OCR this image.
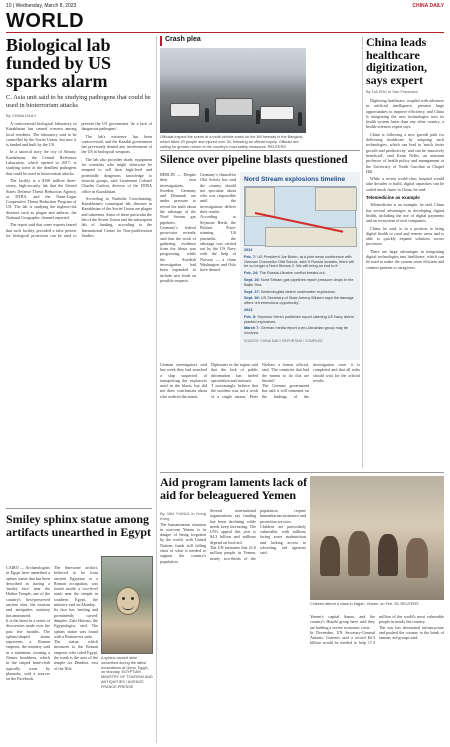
10 | Wednesday, March 8, 2023	CHINA DAILY
WORLD
Biological lab funded by US sparks alarm
C. Asia unit said to be studying pathogens that could be used in bioterrorism attacks
By CHINA DAILY

A controversial biological laboratory in Kazakhstan has caused concern among local residents. The laboratory said to be controlled by the Soviet Union, but now it is funded and built by the US.

In a satirical story the city of Almaty, Kazakhstan, the Central Reference Laboratory, which opened in 2017, is studying some of the deadliest pathogens that could be used in bioterrorism attacks.

The facility is a $108 million three-storey, high-security lab that the United States Defense Threat Reduction Agency, or DTRA, and the Nunn-Lugar Cooperative Threat Reduction Program of US. The lab is studying the highest-risk diseases such as plague and anthrax, the National Geographic channel reported.

The report said that some experts feared that such facility, provided a false pretext for biological protection can be used to prevent the US government 'do a lack of dangerous pathogens'.

The lab's existence has been controversial, and the Kazakh government has previously denied any involvement of the US in biological weapons.

The lab also provides shady equipment for scientists who might otherwise be tempted to sell their high-level and potentially dangerous knowledge to terrorist groups, said Lieutenant Colonel Charles Carlton, director of the DTRA office in Kazakhstan.

According to Nurbolat Coordinating, Kazakhstan's counterpart lab, diseases in Kazakhstan of the Soviet Union are plague and tularemia. Some of these particular the lab of the Soviet Union and the subsequent lab of funding, according to the International Center for Non-proliferation Studies.

Smiley sphinx statue among artifacts unearthed in Egypt

CAIRO — Archaeologists in Egypt have unearthed a sphinx statue that has been described as having a 'smiley face' near the Hathor Temple, one of the country's best-preserved ancient sites, the tourism and antiquities ministry has announced.

It is the latest in a series of discoveries made over the past few months. The sphinx-shaped statue represents a Roman emperor, the ministry said in a statement, wearing a Nemes headdress, which in the striped head-cloth typically worn by pharaohs, said a sources on the Facebook.

The limestone artifact, believed to be from ancient Egyptian or a Roman occupation, was found inside a two-level tomb near the temple in southern Egypt, the ministry said on Monday.

Its face has 'smiling and prominently carved' dimples, Zahi Hawass, the Egyptologist, said. The sphinx statue was found with a Roman-era stela.

The statue, which measures to the Roman emperor who ruled Egypt, the tomb is the area of the temple for Dendera, east of the Nile.

A sphinx-carved stele unearthed during the latest excavations at Qena, Egypt, on Monday. EGYPTIAN MINISTRY OF TOURISM AND ANTIQUITIES / AGENCE FRANCE-PRESSE
Crash plea
Officials inspect the scene of a multi-vehicle crash on the M4 freeway in the Bangkok, which killed 20 people and injured over 30, following an official inquiry. Officials are calling for greater reform of the country's road safety measures. REUTERS
Silence over pipeline blasts questioned

BERLIN — Despite their own investigations, Sweden, Germany and Denmark are under pressure to reveal the truth about the sabotage of the Nord Stream gas pipelines.

Germany's federal prosecutor recently said that the work of gathering evidence from the blasts was progressing, while the Swedish investigation had been expanded to include new leads on possible suspects.

Germany's chancellor Olaf Scholz has said the country should not speculate about who was responsible until the investigations deliver their results.

According to Seymour Hersh, the Pulitzer Prize-winning US journalist, the sabotage was carried out by the US Navy with the help of Norway — a claim Washington and Oslo have denied.

Nord Stream explosions timeline
2022
Feb. 7: US President Joe Biden, at a joint news conference with German Chancellor Olaf Scholz, said 'if Russia invades, there will be no longer a Nord Stream 2. We will bring an end to it'.
Feb. 24: The Russia-Ukraine conflict breaks out.
Sept. 26: Nord Stream gas pipelines report pressure drops in the Baltic Sea.
Sept. 27: Seismologists detect underwater explosions.
Sept. 30: US Secretary of State Antony Blinken says the damage offers 'a tremendous opportunity'.
2023
Feb. 8: Seymour Hersh publishes report claiming US Navy divers planted explosives.
March 7: German media report a pro-Ukrainian group may be involved.
SOURCE: CHINA DAILY REPORTING / COMPILED

German investigators said last week they had searched a ship suspected of transporting the explosives used in the blasts, but did not draw conclusions about who ordered the attack.

Diplomats in the region said that the lack of public information has fueled speculation and mistrust.

'I increasingly believe that the incident was not a work of a single nation,' Peter Nielsen, a former official, said. 'The countries that had the means to do this are limited.'

The German government has said it will comment on the findings of the investigation once it is completed and that all sides should wait for the official results.

China leads healthcare digitization, says expert
By LIA ZHU in San Francisco

Digitizing healthcare, coupled with advances in artificial intelligence, presents huge opportunities to improve efficiency, and China is integrating the new technologies into its health system faster than any other country, a health-sciences expert says.

China is following a new growth path for delivering healthcare by adopting such technologies, which can lead to 'much faster growth and productivity' and can be 'massively beneficial', said Kenn Nellis, an assistant professor of health policy and management at the University of North Carolina at Chapel Hill.

While a recent world-class hospital would take decades to build, digital capacities can be scaled much faster in China, he said.

Telemedicine as example

Telemedicine is an example, he said. China has several advantages in developing digital health, including the use of digital payments and an ecosystem of tech companies.

China, he said, is in a position to bring digital health to rural and remote areas and is able to quickly expand solutions across provinces.

There are large advantages in integrating digital technologies into healthcare, which can be used to make the system more efficient and connect patients to caregivers.

Aid program laments lack of aid for beleaguered Yemen
By JAN YUMUL in Hong Kong

The humanitarian situation in war-torn Yemen is in danger of being forgotten by the world, with United Nations funds still falling short of what is needed to support the country's population.

Several international organizations say funding has been declining while needs keep increasing. The UN's appeal this year is $4.3 billion and millions depend on food aid.

The UN estimates that 21.6 million people in Yemen, nearly two-thirds of the population, require humanitarian assistance and protection services.

Children are particularly vulnerable, with millions facing acute malnutrition and lacking access to schooling, aid agencies said.

Children attend a class in Hajjah, Yemen, on Feb. 25. REUTERS

Yemen's capital Sanaa, and the country's Houthi group have said they are battling a severe economic crisis.

In December, UN Secretary-General Antonio Guterres said a record $4.3 billion would be needed to help 17.3 million of the world's most vulnerable people in nearly the country.

The war has devastated infrastructure and pushed the country to the brink of famine, aid groups said.
